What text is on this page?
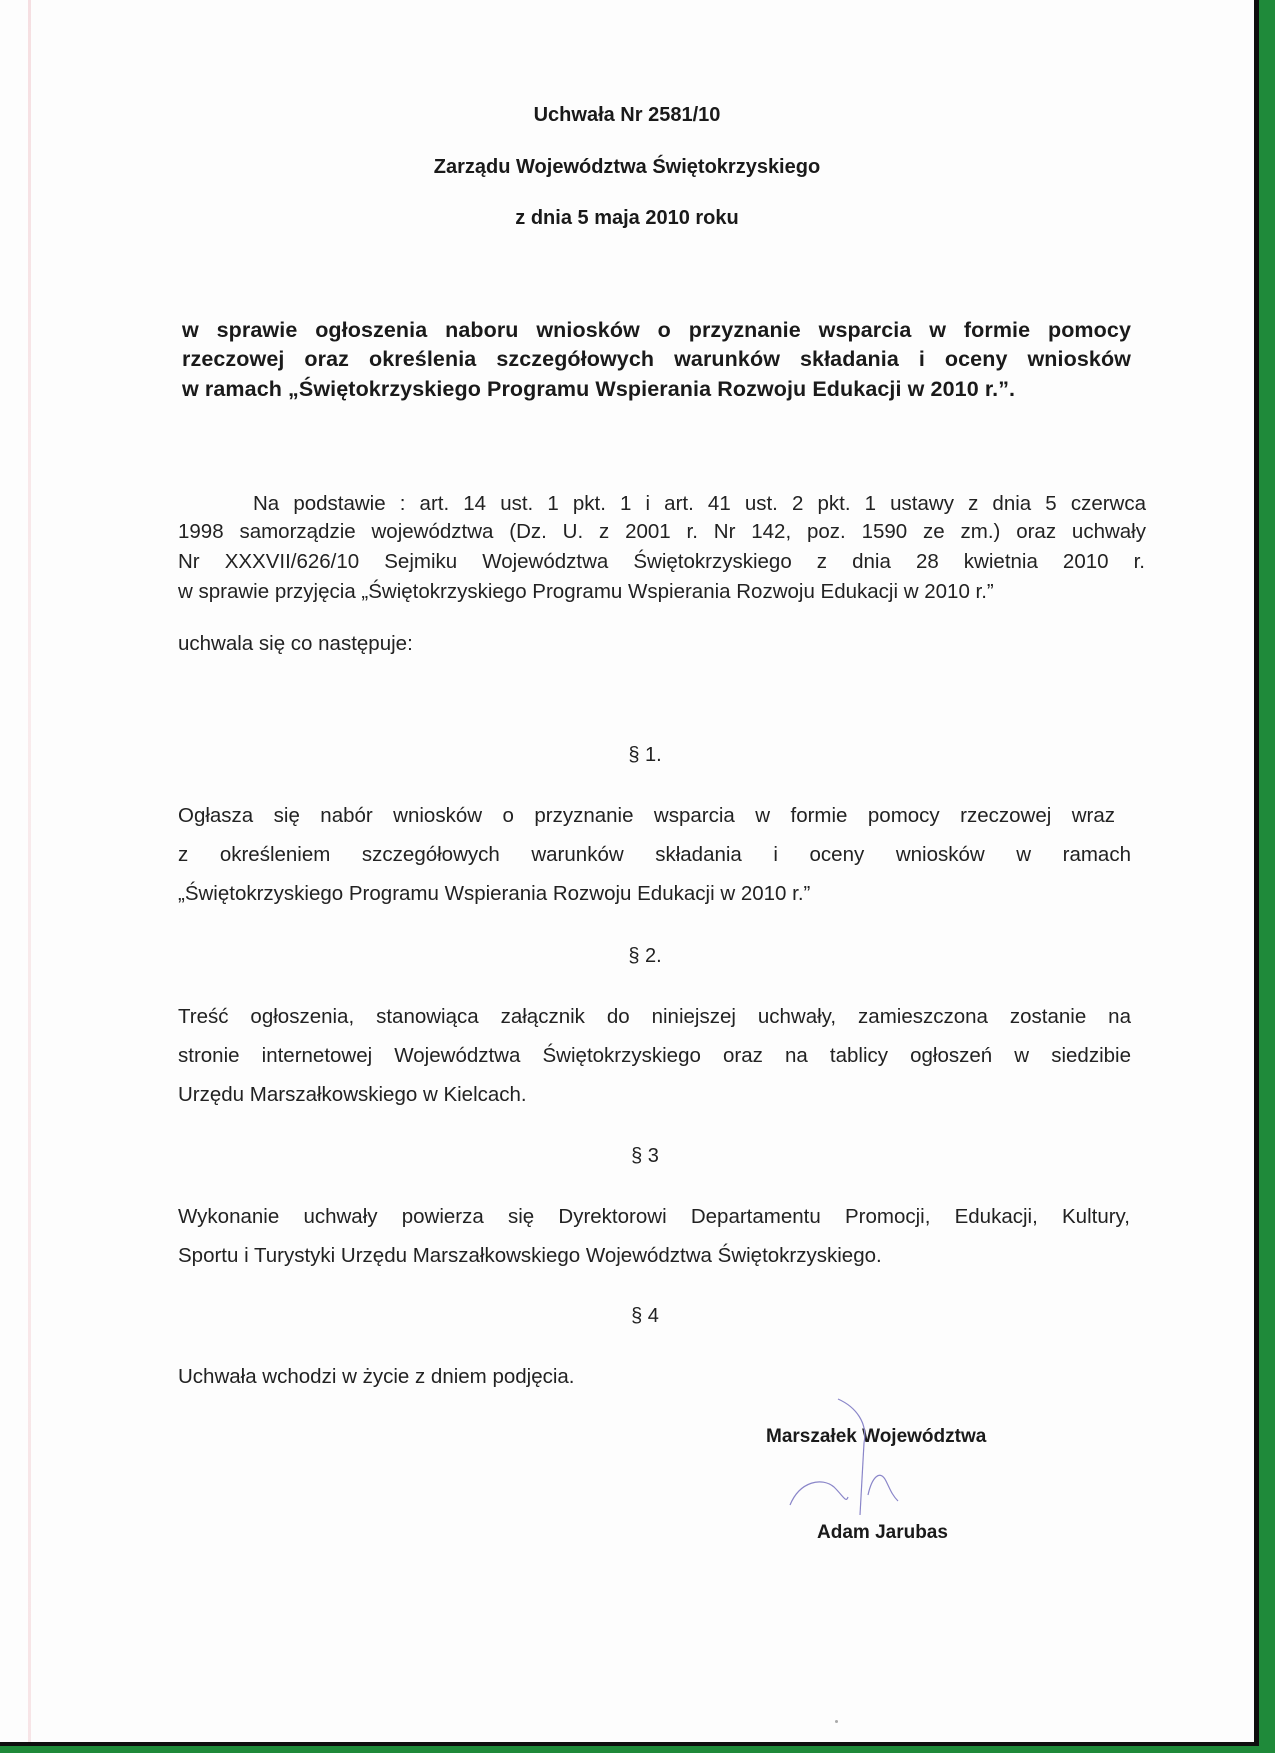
Uchwała Nr 2581/10
Zarządu Województwa Świętokrzyskiego
z dnia 5 maja 2010 roku
w sprawie ogłoszenia naboru wniosków o przyznanie wsparcia w formie pomocy
rzeczowej oraz określenia szczegółowych warunków składania i oceny wniosków
w ramach „Świętokrzyskiego Programu Wspierania Rozwoju Edukacji w 2010 r.”.
Na podstawie : art. 14 ust. 1 pkt. 1 i art. 41 ust. 2 pkt. 1 ustawy z dnia 5 czerwca
1998 samorządzie województwa (Dz. U. z 2001 r. Nr 142, poz. 1590 ze zm.) oraz uchwały
Nr XXXVII/626/10 Sejmiku Województwa Świętokrzyskiego z dnia 28 kwietnia 2010 r.
w sprawie przyjęcia „Świętokrzyskiego Programu Wspierania Rozwoju Edukacji w 2010 r.”
uchwala się co następuje:
§ 1.
Ogłasza się nabór wniosków o przyznanie wsparcia w formie pomocy rzeczowej wraz
z określeniem szczegółowych warunków składania i oceny wniosków w ramach
„Świętokrzyskiego Programu Wspierania Rozwoju Edukacji w 2010 r.”
§ 2.
Treść ogłoszenia, stanowiąca załącznik do niniejszej uchwały, zamieszczona zostanie na
stronie internetowej Województwa Świętokrzyskiego oraz na tablicy ogłoszeń w siedzibie
Urzędu Marszałkowskiego w Kielcach.
§ 3
Wykonanie uchwały powierza się Dyrektorowi Departamentu Promocji, Edukacji, Kultury,
Sportu i Turystyki Urzędu Marszałkowskiego Województwa Świętokrzyskiego.
§ 4
Uchwała wchodzi w życie z dniem podjęcia.
Marszałek Województwa
Adam Jarubas
